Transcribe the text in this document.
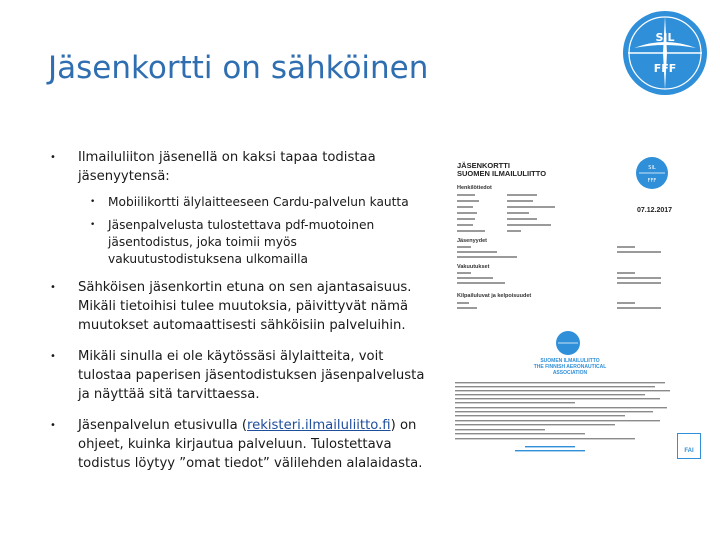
Jäsenkortti on sähköinen
SIL
FFF
• Ilmailuliiton jäsenellä on kaksi tapaa todistaa jäsenyytensä:
• Mobiilikortti älylaitteeseen Cardu-palvelun kautta
• Jäsenpalvelusta tulostettava pdf-muotoinen jäsentodistus, joka toimii myös vakuutustodistuksena ulkomailla
• Sähköisen jäsenkortin etuna on sen ajantasaisuus. Mikäli tietoihisi tulee muutoksia, päivittyvät nämä muutokset automaattisesti sähköisiin palveluihin.
• Mikäli sinulla ei ole käytössäsi älylaitteita, voit tulostaa paperisen jäsentodistuksen jäsenpalvelusta ja näyttää sitä tarvittaessa.
• Jäsenpalvelun etusivulla (rekisteri.ilmailuliitto.fi) on ohjeet, kuinka kirjautua palveluun. Tulostettava todistus löytyy ”omat tiedot” välilehden alalaidasta.
JÄSENKORTTI
SUOMEN ILMAILULIITTO
SIL
FFF
Henkilötiedot
07.12.2017
Jäsenyydet
Vakuutukset
Kilpailuluvat ja kelpoisuudet
SUOMEN ILMAILULIITTO
THE FINNISH AERONAUTICAL
ASSOCIATION
FAI
